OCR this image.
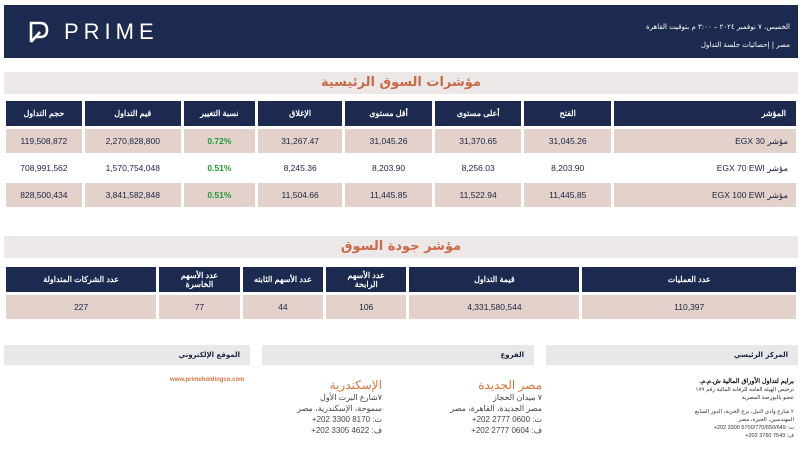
PRIME	الخميس، ٧ نوفمبر ٢٠٢٤ – ٣:٠٠ م بتوقيت القاهرة
مصر | إحصائيات جلسة التداول
مؤشرات السوق الرئيسية
المؤشر	الفتح	أعلى مستوى	أقل مستوى	الإغلاق	نسبة التغيير	قيم التداول	حجم التداول
مؤشر EGX 30	31,045.26	31,370.65	31,045.26	31,267.47	0.72%	2,270,828,800	119,508,872
مؤشر EGX 70 EWI	8,203.90	8,256.03	8,203.90	8,245.36	0.51%	1,570,754,048	708,991,562
مؤشر EGX 100 EWI	11,445.85	11,522.94	11,445.85	11,504.66	0.51%	3,841,582,848	828,500,434
مؤشر جودة السوق
عدد العمليات	قيمة التداول	عدد الأسهم الرابحة	عدد الأسهم الثابته	عدد الأسهم الخاسرة	عدد الشركات المتداولة
110,397	4,331,580,544	106	44	77	227
المركز الرئيسي
الفروع
الموقع الإلكتروني
برايم لتداول الأوراق المالية ش.م.م.
ترخيص الهيئة العامة للرقابة المالية رقم ١٧٩
عضو بالبورصة المصرية
٢ شارع وادي النيل، برج الحرية، الدور السابع
المهندسين، الجيزة، مصر
ت: 5700/770/650/649 3300 202+
ف: 7543 3760 202+
مصر الجديدة
٧ ميدان الحجاز
مصر الجديدة، القاهرة، مصر
ت: 0600 2777 202+
ف: 0604 2777 202+
الإسكندرية
٧شارع البرت الأول
سموحة، الإسكندرية، مصر
ت: 8170 3300 202+
ف: 4622 3305 202+
www.primeholdingco.com
